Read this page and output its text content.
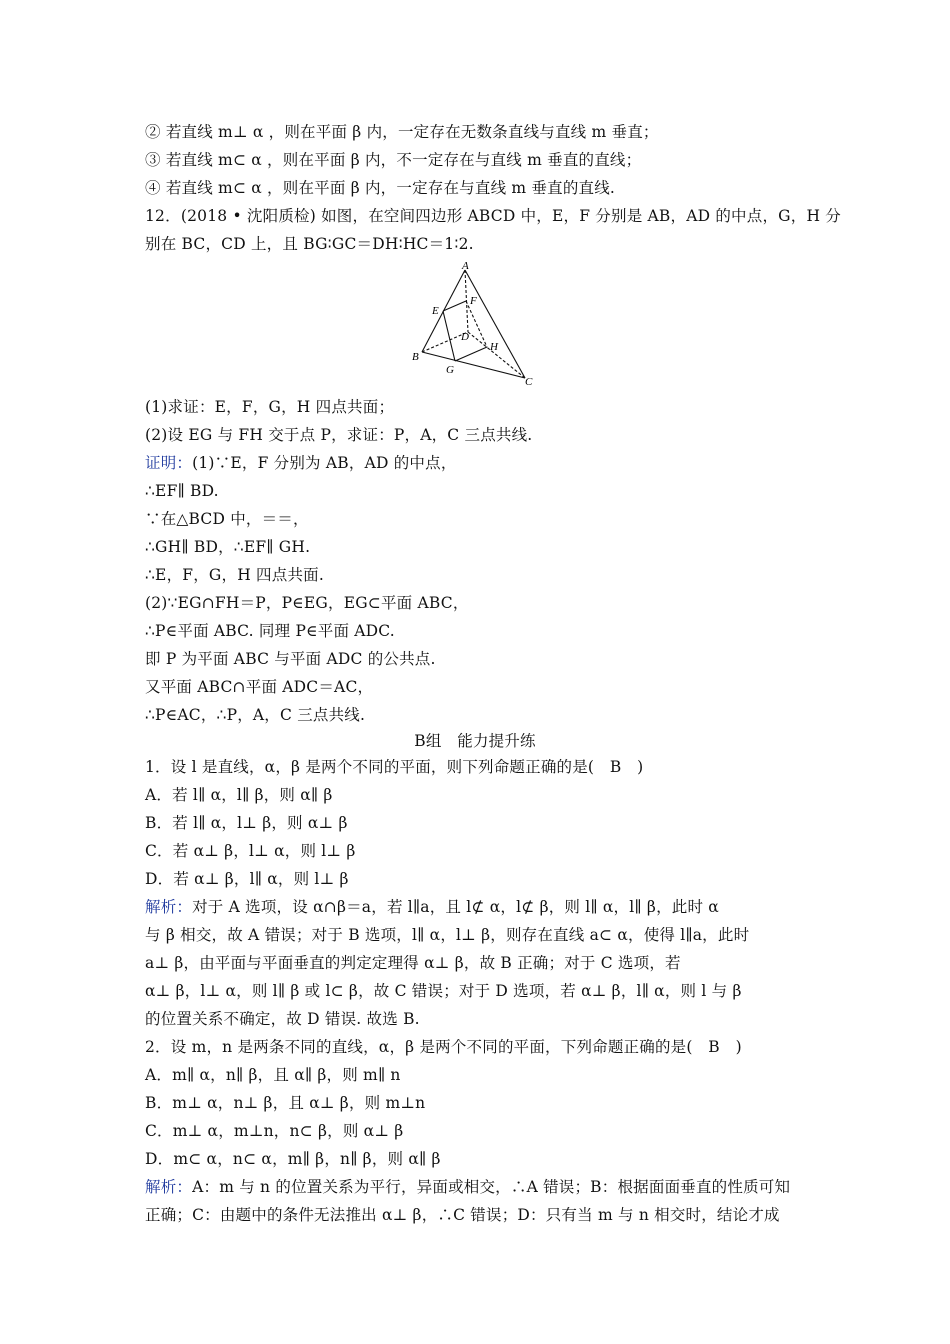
② 若直线 m⊥ α ，则在平面 β 内，一定存在无数条直线与直线 m 垂直；
③ 若直线 m⊂ α ，则在平面 β 内，不一定存在与直线 m 垂直的直线；
④ 若直线 m⊂ α ，则在平面 β 内，一定存在与直线 m 垂直的直线.
12．(2018 • 沈阳质检) 如图，在空间四边形 ABCD 中，E，F 分别是 AB，AD 的中点，G，H 分
别在 BC，CD 上，且 BG∶GC＝DH∶HC＝1∶2.
A
B
C
D
E
F
G
H
(1)求证：E，F，G，H 四点共面；
(2)设 EG 与 FH 交于点 P，求证：P，A，C 三点共线.
证明：(1)∵E，F 分别为 AB，AD 的中点，
∴EF∥ BD.
∵在△BCD 中，＝＝，
∴GH∥ BD，∴EF∥ GH.
∴E，F，G，H 四点共面.
(2)∵EG∩FH＝P，P∈EG，EG⊂平面 ABC，
∴P∈平面 ABC. 同理 P∈平面 ADC.
即 P 为平面 ABC 与平面 ADC 的公共点.
又平面 ABC∩平面 ADC＝AC，
∴P∈AC，∴P，A，C 三点共线.
B组　能力提升练
1．设 l 是直线，α，β 是两个不同的平面，则下列命题正确的是(　B　)
A．若 l∥ α，l∥ β，则 α∥ β
B．若 l∥ α，l⊥ β，则 α⊥ β
C．若 α⊥ β，l⊥ α，则 l⊥ β
D．若 α⊥ β，l∥ α，则 l⊥ β
解析：对于 A 选项，设 α∩β＝a，若 l∥a，且 l⊄ α，l⊄ β，则 l∥ α，l∥ β，此时 α
与 β 相交，故 A 错误；对于 B 选项，l∥ α，l⊥ β，则存在直线 a⊂ α，使得 l∥a，此时
a⊥ β，由平面与平面垂直的判定定理得 α⊥ β，故 B 正确；对于 C 选项，若
α⊥ β，l⊥ α，则 l∥ β 或 l⊂ β，故 C 错误；对于 D 选项，若 α⊥ β，l∥ α，则 l 与 β
的位置关系不确定，故 D 错误. 故选 B.
2．设 m，n 是两条不同的直线，α，β 是两个不同的平面，下列命题正确的是(　B　)
A．m∥ α，n∥ β，且 α∥ β，则 m∥ n
B．m⊥ α，n⊥ β，且 α⊥ β，则 m⊥n
C．m⊥ α，m⊥n，n⊂ β，则 α⊥ β
D．m⊂ α，n⊂ α，m∥ β，n∥ β，则 α∥ β
解析：A：m 与 n 的位置关系为平行，异面或相交，∴A 错误；B：根据面面垂直的性质可知
正确；C：由题中的条件无法推出 α⊥ β，∴C 错误；D：只有当 m 与 n 相交时，结论才成
